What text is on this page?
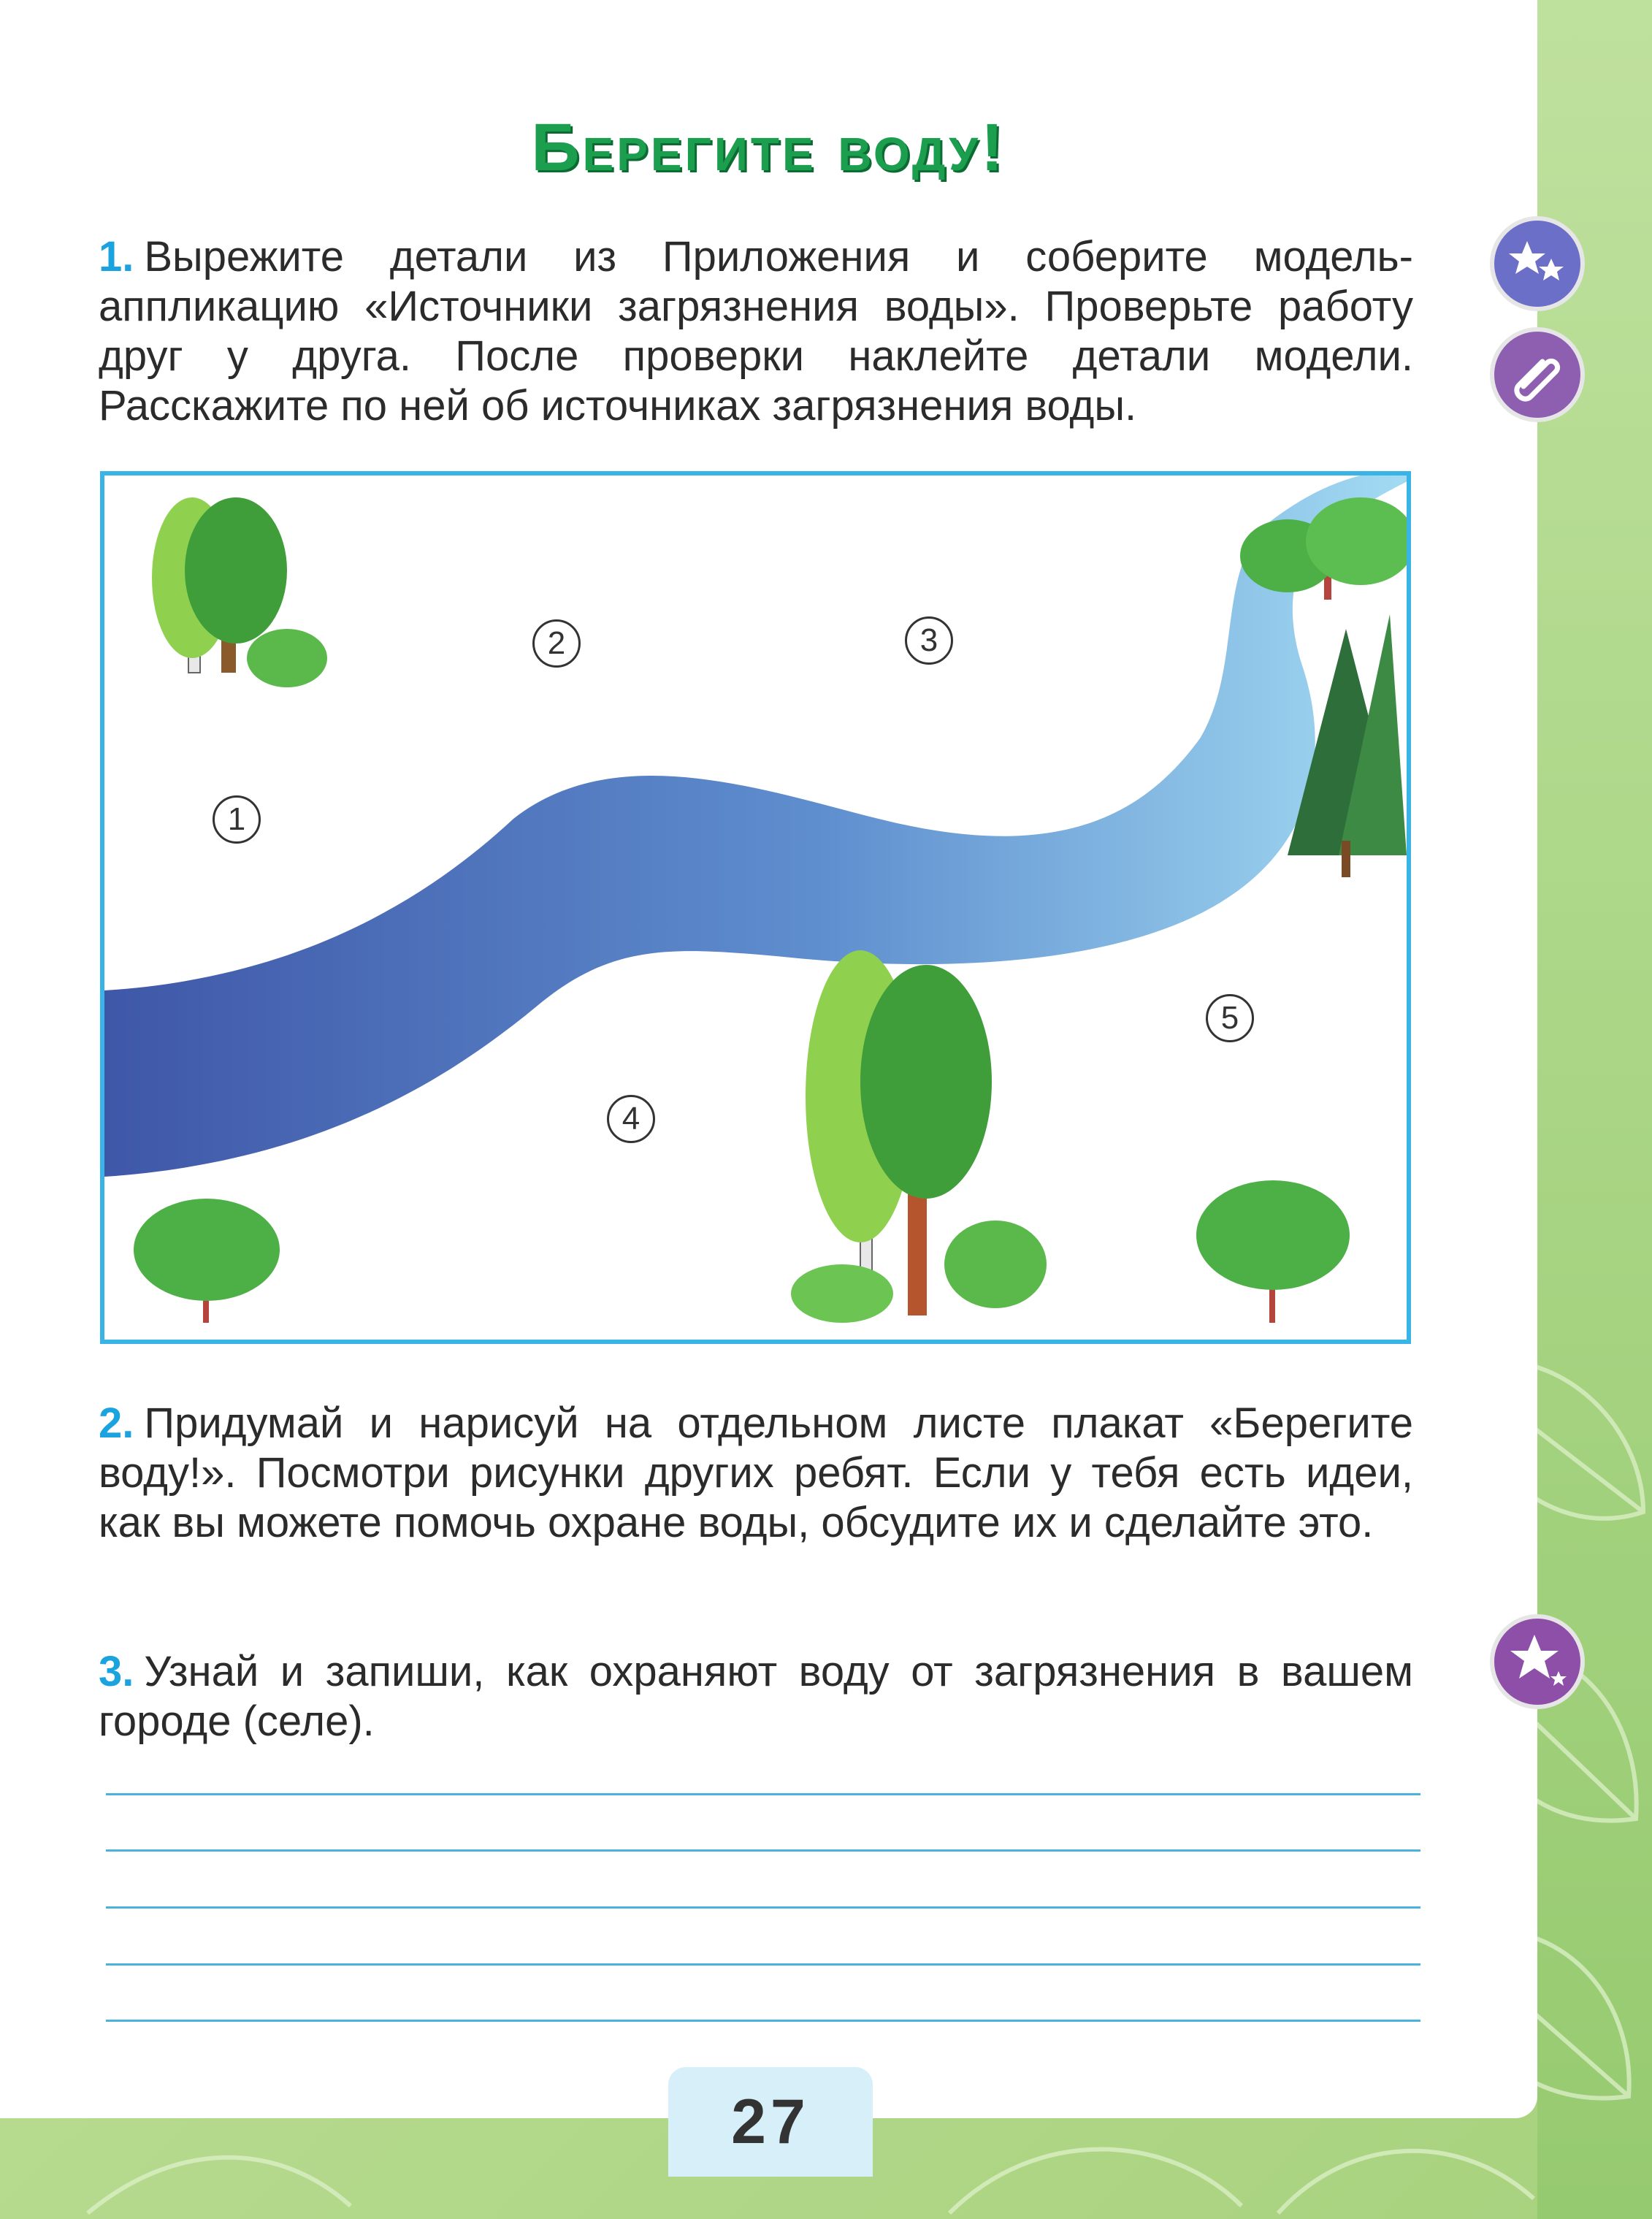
Берегите воду!
1. Вырежите детали из Приложения и соберите модель-аппликацию «Источники загрязнения воды». Проверьте работу друг у друга. После проверки наклейте детали модели. Расскажите по ней об источниках загрязнения воды.
1
2	3
4
5
2. Придумай и нарисуй на отдельном листе плакат «Берегите воду!». Посмотри рисунки других ребят. Если у тебя есть идеи, как вы можете помочь охране воды, обсудите их и сделайте это.
3. Узнай и запиши, как охраняют воду от загрязнения в вашем городе (селе).
27
